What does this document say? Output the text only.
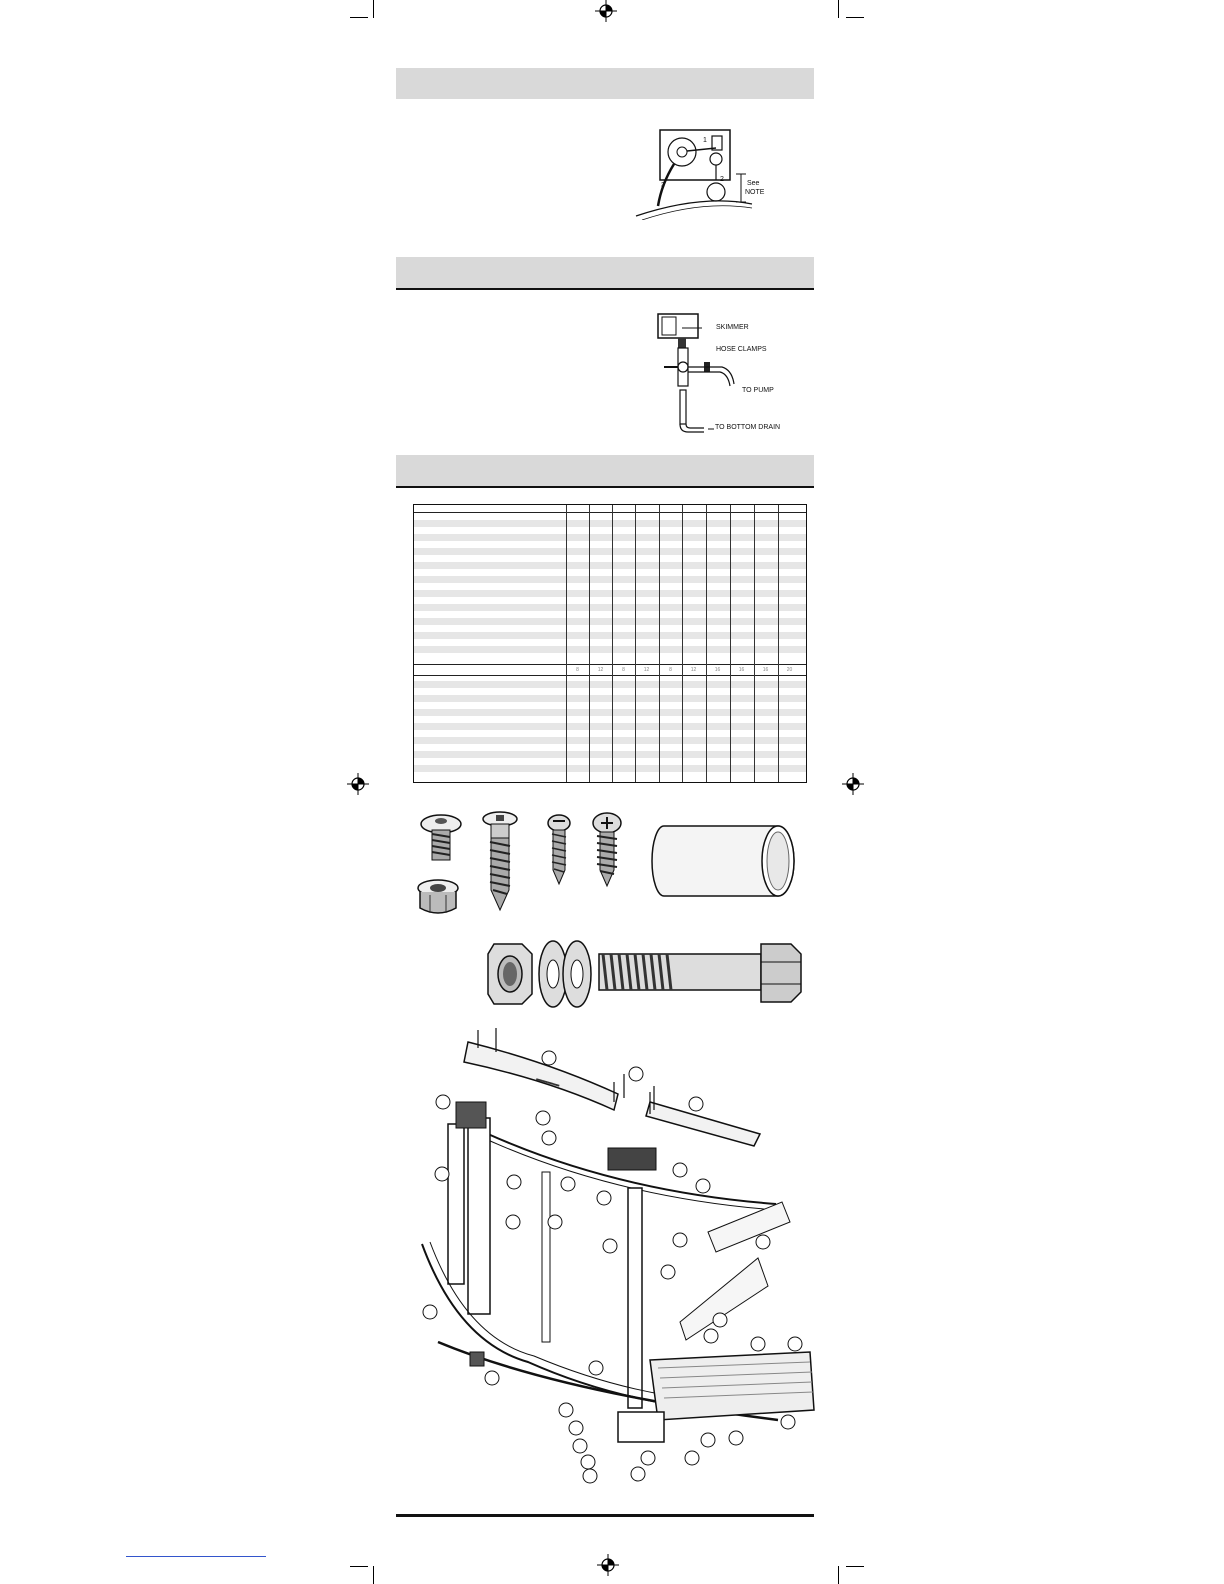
1
2
3	See
NOTE
SKIMMER
HOSE CLAMPS
TO PUMP
TO BOTTOM DRAIN
8	12	8	12	8	12	16	16	16	20
▬▬▬▬
